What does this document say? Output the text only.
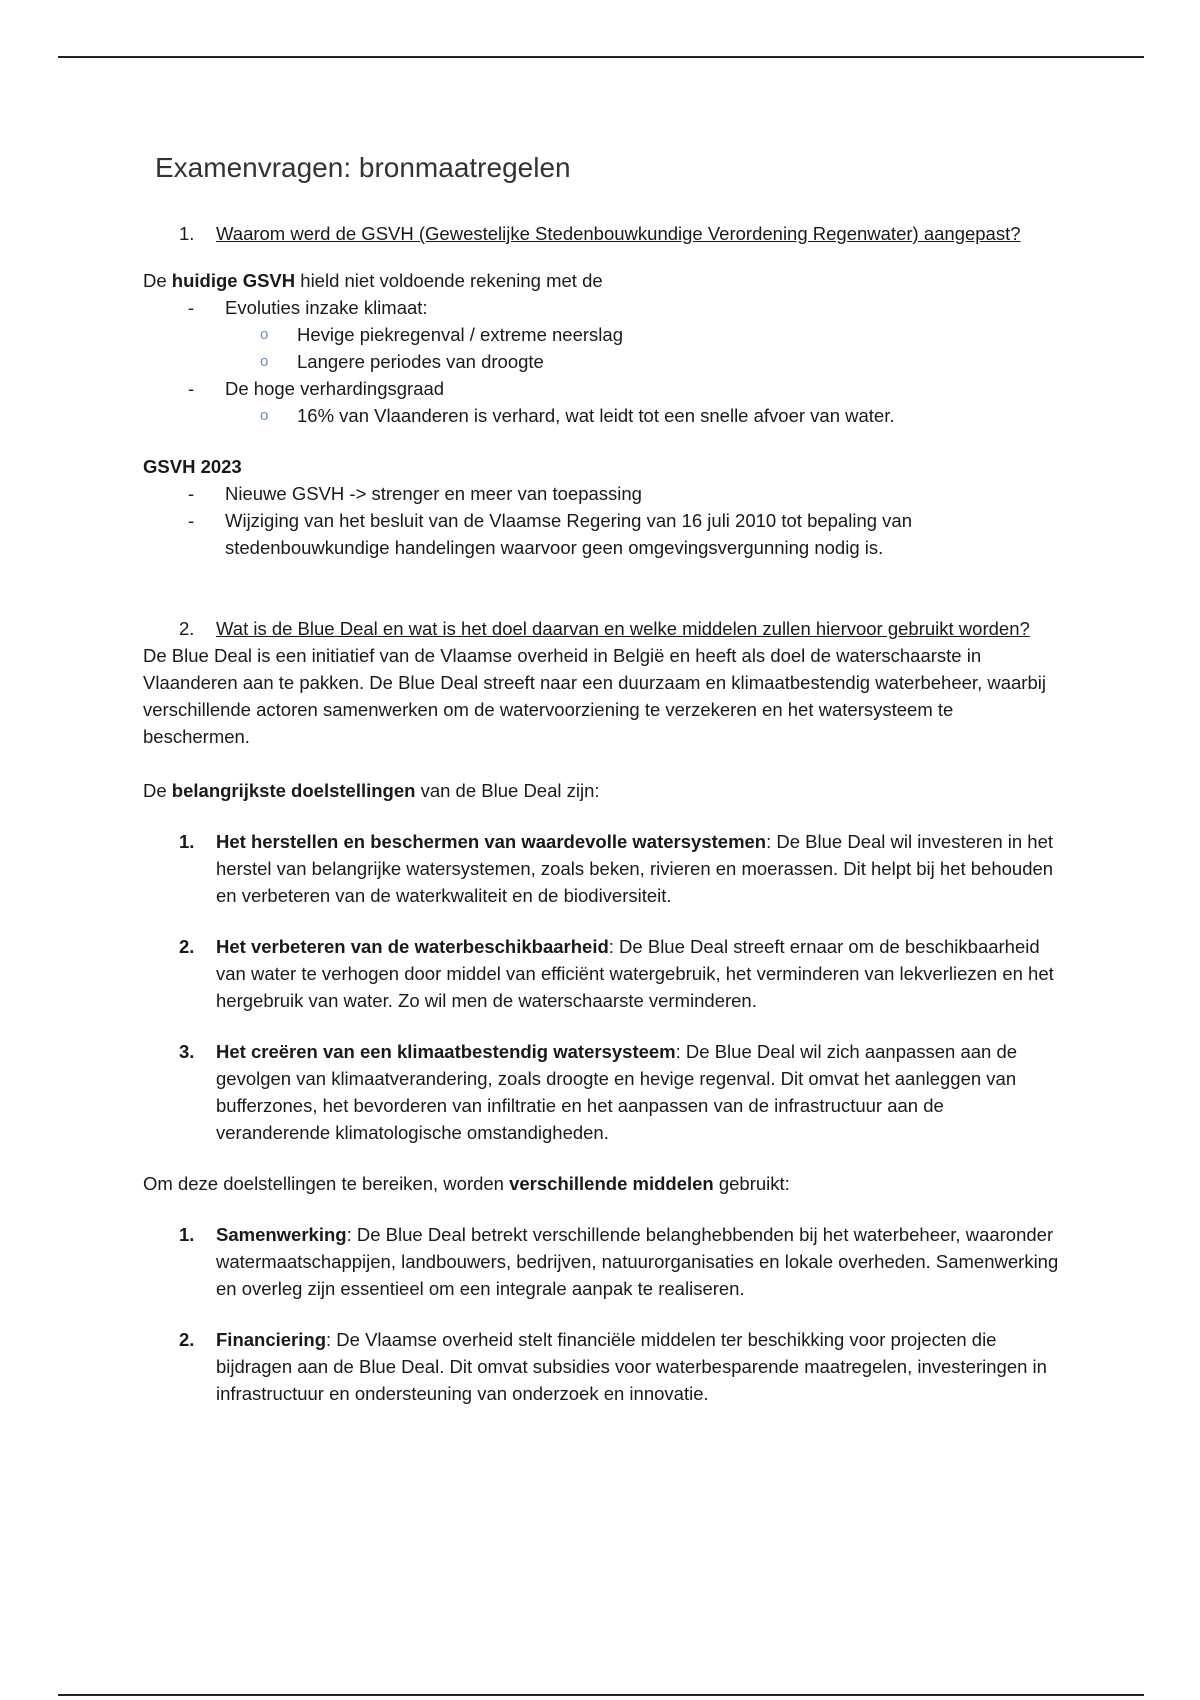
Examenvragen: bronmaatregelen
1.	Waarom werd de GSVH (Gewestelijke Stedenbouwkundige Verordening Regenwater) aangepast?

De huidige GSVH hield niet voldoende rekening met de

-	Evoluties inzake klimaat:
o	Hevige piekregenval / extreme neerslag
o	Langere periodes van droogte
-	De hoge verhardingsgraad
o	16% van Vlaanderen is verhard, wat leidt tot een snelle afvoer van water.

GSVH 2023

-	Nieuwe GSVH -> strenger en meer van toepassing
-	Wijziging van het besluit van de Vlaamse Regering van 16 juli 2010 tot bepaling van stedenbouwkundige handelingen waarvoor geen omgevingsvergunning nodig is.
2.	Wat is de Blue Deal en wat is het doel daarvan en welke middelen zullen hiervoor gebruikt worden?

De Blue Deal is een initiatief van de Vlaamse overheid in België en heeft als doel de waterschaarste in Vlaanderen aan te pakken. De Blue Deal streeft naar een duurzaam en klimaatbestendig waterbeheer, waarbij verschillende actoren samenwerken om de watervoorziening te verzekeren en het watersysteem te beschermen.

De belangrijkste doelstellingen van de Blue Deal zijn:

1.	Het herstellen en beschermen van waardevolle watersystemen: De Blue Deal wil investeren in het herstel van belangrijke watersystemen, zoals beken, rivieren en moerassen. Dit helpt bij het behouden en verbeteren van de waterkwaliteit en de biodiversiteit.
2.	Het verbeteren van de waterbeschikbaarheid: De Blue Deal streeft ernaar om de beschikbaarheid van water te verhogen door middel van efficiënt watergebruik, het verminderen van lekverliezen en het hergebruik van water. Zo wil men de waterschaarste verminderen.
3.	Het creëren van een klimaatbestendig watersysteem: De Blue Deal wil zich aanpassen aan de gevolgen van klimaatverandering, zoals droogte en hevige regenval. Dit omvat het aanleggen van bufferzones, het bevorderen van infiltratie en het aanpassen van de infrastructuur aan de veranderende klimatologische omstandigheden.

Om deze doelstellingen te bereiken, worden verschillende middelen gebruikt:

1.	Samenwerking: De Blue Deal betrekt verschillende belanghebbenden bij het waterbeheer, waaronder watermaatschappijen, landbouwers, bedrijven, natuurorganisaties en lokale overheden. Samenwerking en overleg zijn essentieel om een integrale aanpak te realiseren.
2.	Financiering: De Vlaamse overheid stelt financiële middelen ter beschikking voor projecten die bijdragen aan de Blue Deal. Dit omvat subsidies voor waterbesparende maatregelen, investeringen in infrastructuur en ondersteuning van onderzoek en innovatie.
